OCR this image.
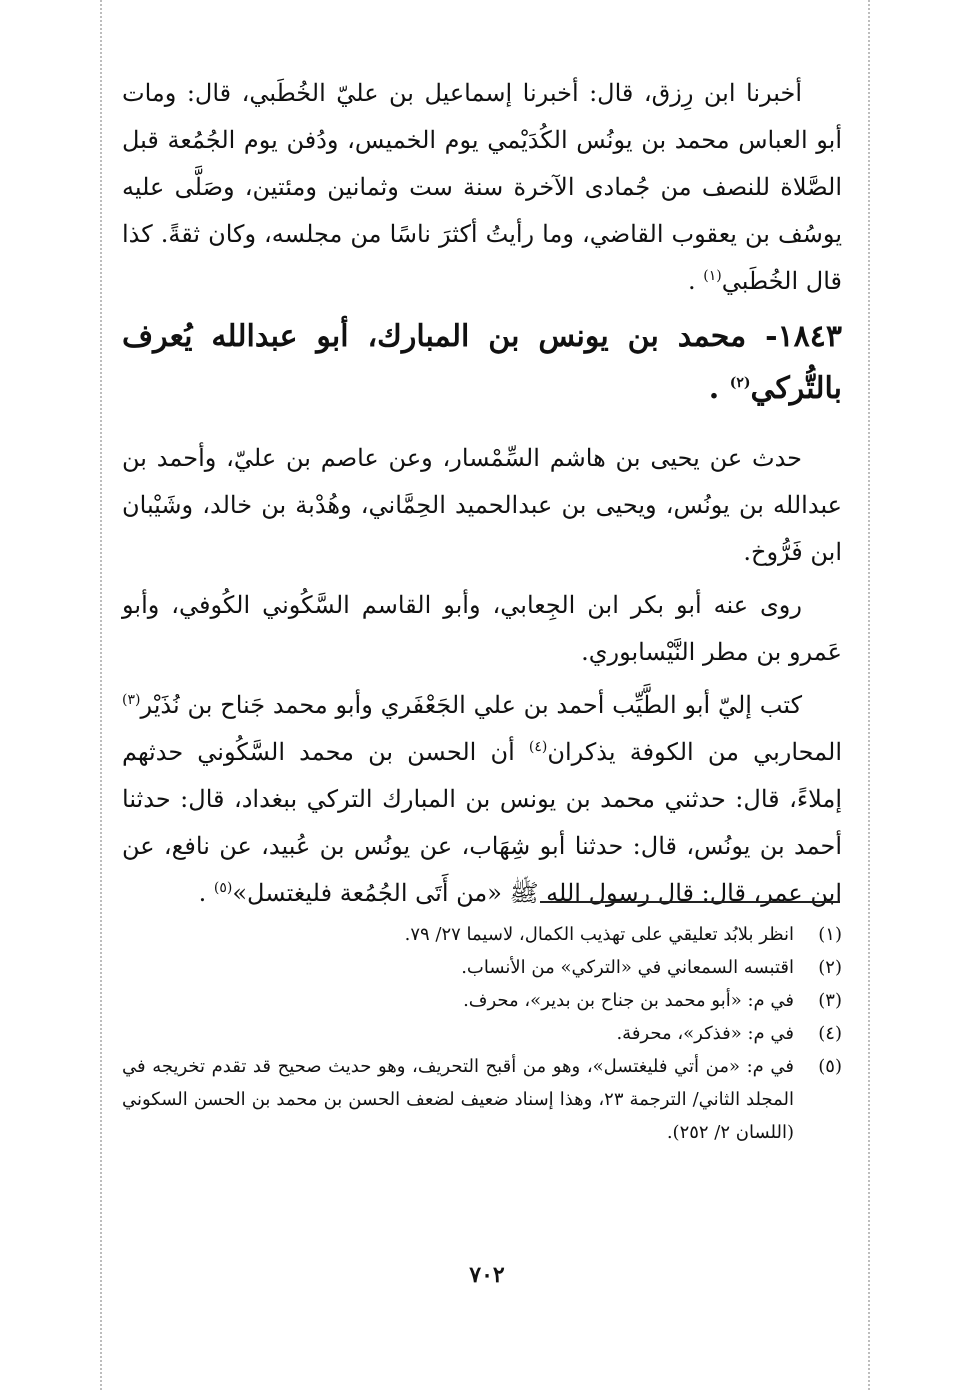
أخبرنا ابن رِزق، قال: أخبرنا إسماعيل بن عليّ الخُطَبي، قال: ومات أبو العباس محمد بن يونُس الكُدَيْمي يوم الخميس، ودُفن يوم الجُمُعة قبل الصَّلاة للنصف من جُمادى الآخرة سنة ست وثمانين ومئتين، وصَلَّى عليه يوسُف بن يعقوب القاضي، وما رأيتُ أكثرَ ناسًا من مجلسه، وكان ثقةً. كذا قال الخُطَبي$^{(١)}$ .

١٨٤٣- محمد بن يونس بن المبارك، أبو عبدالله يُعرف بالتُّركي$^{(٢)}$ .

حدث عن يحيى بن هاشم السِّمْسار، وعن عاصم بن عليّ، وأحمد بن عبدالله بن يونُس، ويحيى بن عبدالحميد الحِمَّاني، وهُدْبة بن خالد، وشَيْبان ابن فَرُّوخ.

روى عنه أبو بكر ابن الجِعابي، وأبو القاسم السَّكُوني الكُوفي، وأبو عَمرو بن مطر النَّيْسابوري.

كتب إليّ أبو الطَّيِّب أحمد بن علي الجَعْفَري وأبو محمد جَناح بن نُذَيْر$^{(٣)}$ المحاربي من الكوفة يذكران$^{(٤)}$ أن الحسن بن محمد السَّكُوني حدثهم إملاءً، قال: حدثني محمد بن يونس بن المبارك التركي ببغداد، قال: حدثنا أحمد بن يونُس، قال: حدثنا أبو شِهَاب، عن يونُس بن عُبيد، عن نافع، عن ابن عمر، قال: قال رسول الله ﷺ «من أَتَى الجُمُعة فليغتسل»$^{(٥)}$ .

(١)
انظر بلابُد تعليقي على تهذيب الكمال، لاسيما ٢٧/ ٧٩.
(٢)
اقتبسه السمعاني في «التركي» من الأنساب.
(٣)
في م: «أبو محمد بن جناح بن بدير»، محرف.
(٤)
في م: «فذكر»، محرفة.
(٥)
في م: «من أتي فليغتسل»، وهو من أقبح التحريف، وهو حديث صحيح قد تقدم تخريجه في المجلد الثاني/ الترجمة ٢٣، وهذا إسناد ضعيف لضعف الحسن بن محمد بن الحسن السكوني (اللسان ٢/ ٢٥٢).
٧٠٢
